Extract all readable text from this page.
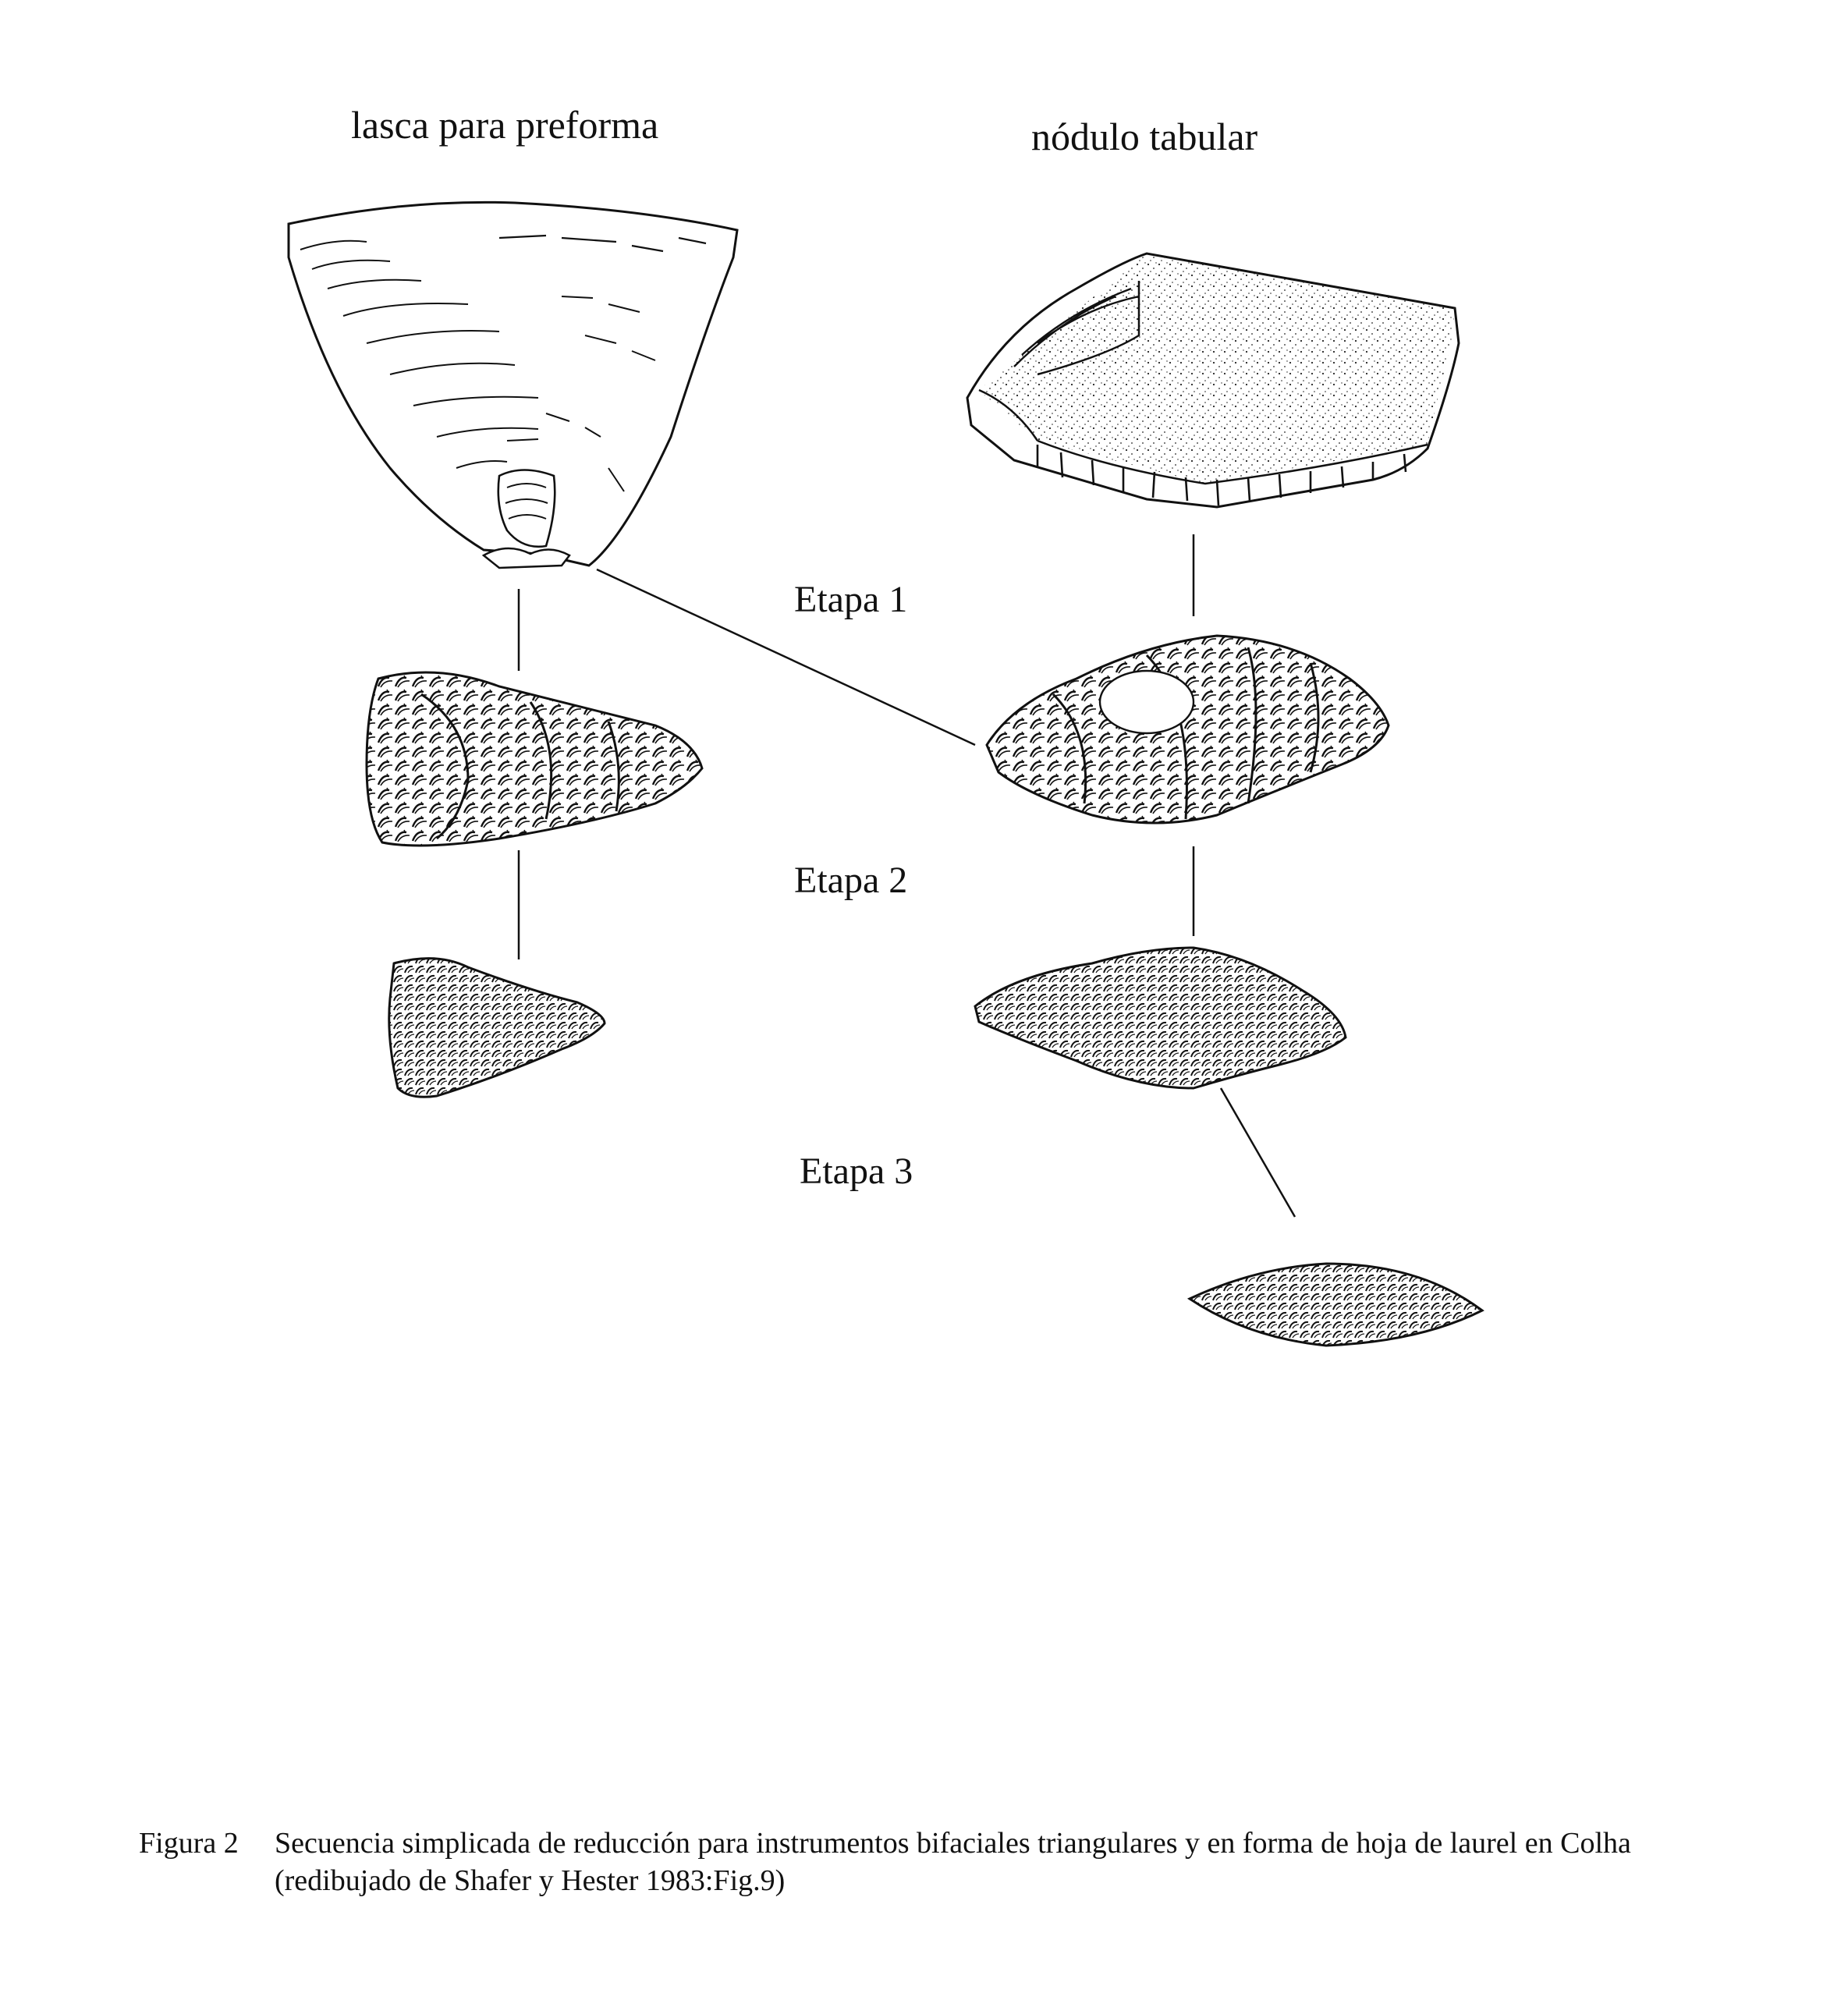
lasca para preforma	nódulo tabular
Etapa 1
Etapa 2
Etapa 3
Figura 2 Secuencia simplicada de reducción para instrumentos bifaciales triangulares y en forma de hoja de laurel en Colha (redibujado de Shafer y Hester 1983:Fig.9)
